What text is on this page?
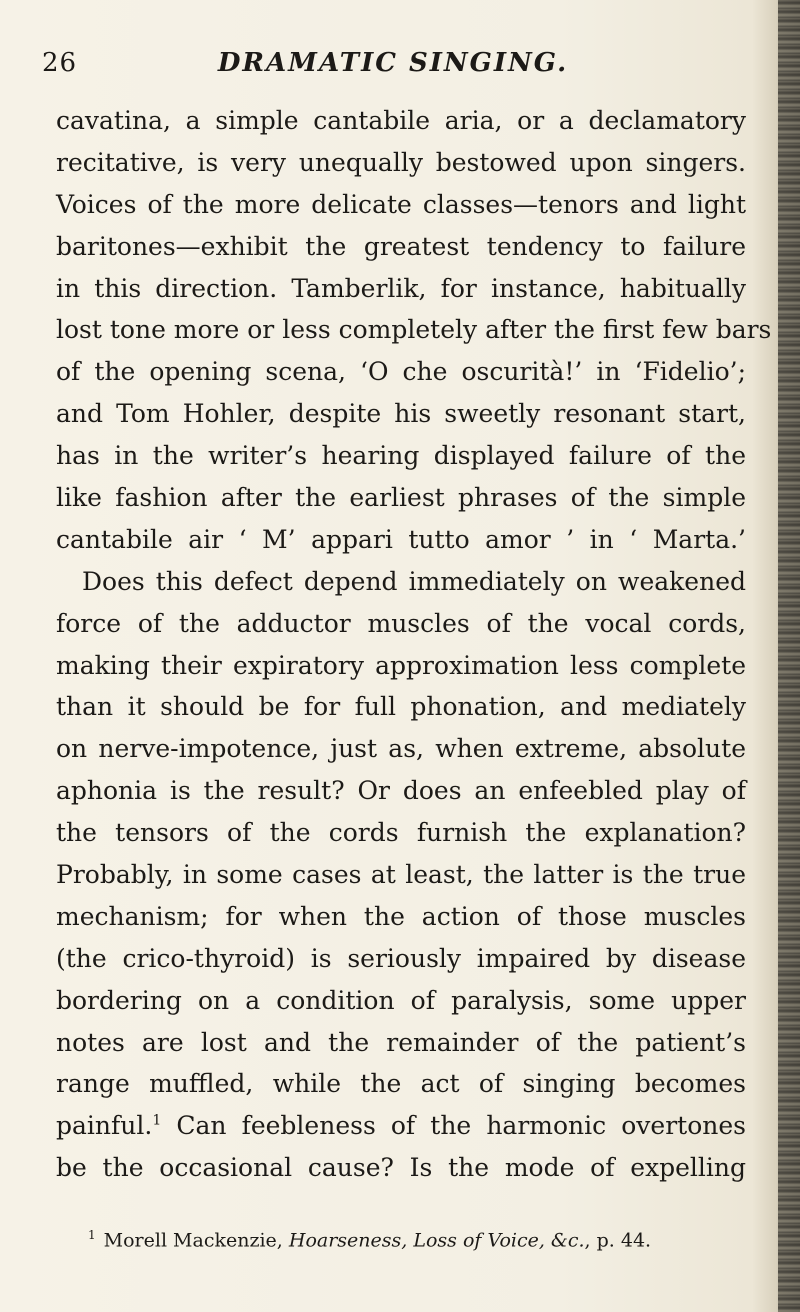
26	DRAMATIC SINGING.
cavatina, a simple cantabile aria, or a declamatory
recitative, is very unequally bestowed upon singers.
Voices of the more delicate classes—tenors and light
baritones—exhibit the greatest tendency to failure
in this direction. Tamberlik, for instance, habitually
lost tone more or less completely after the first few bars
of the opening scena, ‘O che oscurità!’ in ‘Fidelio’;
and Tom Hohler, despite his sweetly resonant start,
has in the writer’s hearing displayed failure of the
like fashion after the earliest phrases of the simple
cantabile air ‘ M’ appari tutto amor ’ in ‘ Marta.’
Does this defect depend immediately on weakened
force of the adductor muscles of the vocal cords,
making their expiratory approximation less complete
than it should be for full phonation, and mediately
on nerve-impotence, just as, when extreme, absolute
aphonia is the result? Or does an enfeebled play of
the tensors of the cords furnish the explanation?
Probably, in some cases at least, the latter is the true
mechanism; for when the action of those muscles
(the crico-thyroid) is seriously impaired by disease
bordering on a condition of paralysis, some upper
notes are lost and the remainder of the patient’s
range muffled, while the act of singing becomes
painful.$^1$ Can feebleness of the harmonic overtones
be the occasional cause? Is the mode of expelling
$^1$ Morell Mackenzie, Hoarseness, Loss of Voice, &c., p. 44.
